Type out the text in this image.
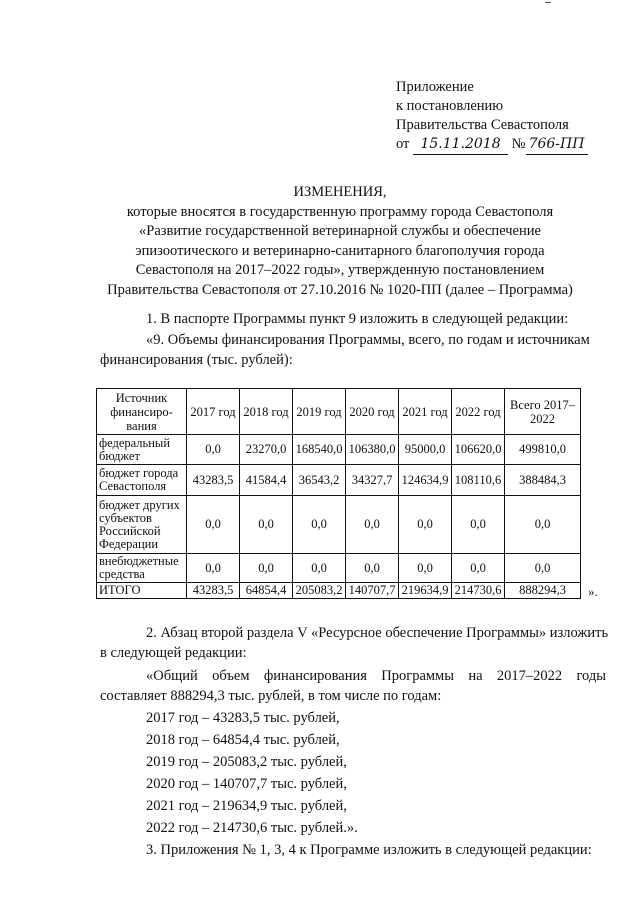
Приложение
к постановлению
Правительства Севастополя
от 15.11.2018 № 766-ПП
ИЗМЕНЕНИЯ,
которые вносятся в государственную программу города Севастополя
«Развитие государственной ветеринарной службы и обеспечение
эпизоотического и ветеринарно-санитарного благополучия города
Севастополя на 2017–2022 годы», утвержденную постановлением
Правительства Севастополя от 27.10.2016 № 1020-ПП (далее – Программа)
1. В паспорте Программы пункт 9 изложить в следующей редакции:
«9. Объемы финансирования Программы, всего, по годам и источникам
финансирования (тыс. рублей):
Источник финансиро-вания	2017 год	2018 год	2019 год	2020 год	2021 год	2022 год	Всего 2017–2022
федеральный бюджет	0,0	23270,0	168540,0	106380,0	95000,0	106620,0	499810,0
бюджет города Севастополя	43283,5	41584,4	36543,2	34327,7	124634,9	108110,6	388484,3
бюджет других субъектов Российской Федерации	0,0	0,0	0,0	0,0	0,0	0,0	0,0
внебюджетные средства	0,0	0,0	0,0	0,0	0,0	0,0	0,0
ИТОГО	43283,5	64854,4	205083,2	140707,7	219634,9	214730,6	888294,3 ».
2. Абзац второй раздела V «Ресурсное обеспечение Программы» изложить
в следующей редакции:
«Общий объем финансирования Программы на 2017–2022 годы
составляет 888294,3 тыс. рублей, в том числе по годам:
2017 год – 43283,5 тыс. рублей,
2018 год – 64854,4 тыс. рублей,
2019 год – 205083,2 тыс. рублей,
2020 год – 140707,7 тыс. рублей,
2021 год – 219634,9 тыс. рублей,
2022 год – 214730,6 тыс. рублей.».
3. Приложения № 1, 3, 4 к Программе изложить в следующей редакции:
